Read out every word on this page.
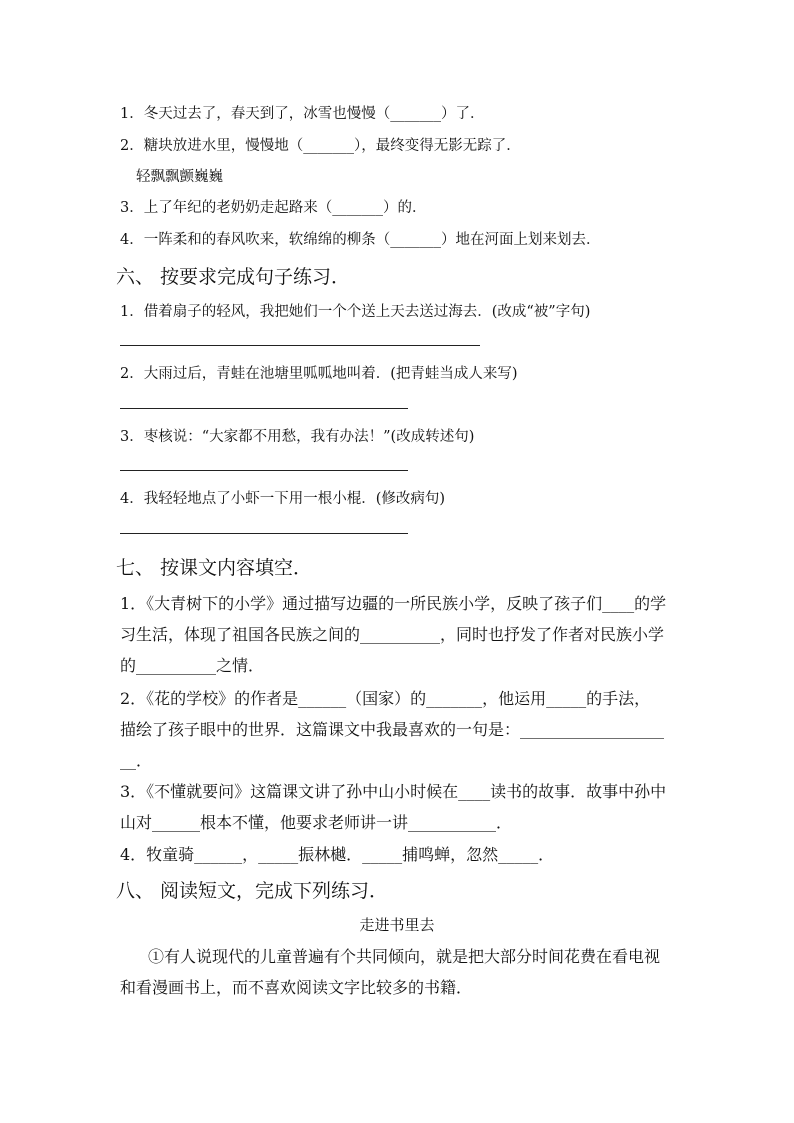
1．冬天过去了，春天到了，冰雪也慢慢（_______）了．
2．糖块放进水里，慢慢地（_______），最终变得无影无踪了．
轻飘飘颤巍巍
3．上了年纪的老奶奶走起路来（_______）的．
4．一阵柔和的春风吹来，软绵绵的柳条（_______）地在河面上划来划去．
六、 按要求完成句子练习．
1．借着扇子的轻风，我把她们一个个送上天去送过海去．(改成“被”字句)
2．大雨过后，青蛙在池塘里呱呱地叫着．(把青蛙当成人来写)
3．枣核说：“大家都不用愁，我有办法！”(改成转述句)
4．我轻轻地点了小虾一下用一根小棍．(修改病句)
七、 按课文内容填空．
1．《大青树下的小学》通过描写边疆的一所民族小学，反映了孩子们____的学
习生活，体现了祖国各民族之间的__________，同时也抒发了作者对民族小学
的__________之情．
2．《花的学校》的作者是______（国家）的_______，他运用_____的手法，
描绘了孩子眼中的世界．这篇课文中我最喜欢的一句是：__________________
__．
3．《不懂就要问》这篇课文讲了孙中山小时候在____读书的故事．故事中孙中
山对______根本不懂，他要求老师讲一讲___________．
4．牧童骑______，_____振林樾．_____捕鸣蝉，忽然_____．
八、 阅读短文，完成下列练习．
走进书里去
①有人说现代的儿童普遍有个共同倾向，就是把大部分时间花费在看电视
和看漫画书上，而不喜欢阅读文字比较多的书籍．
